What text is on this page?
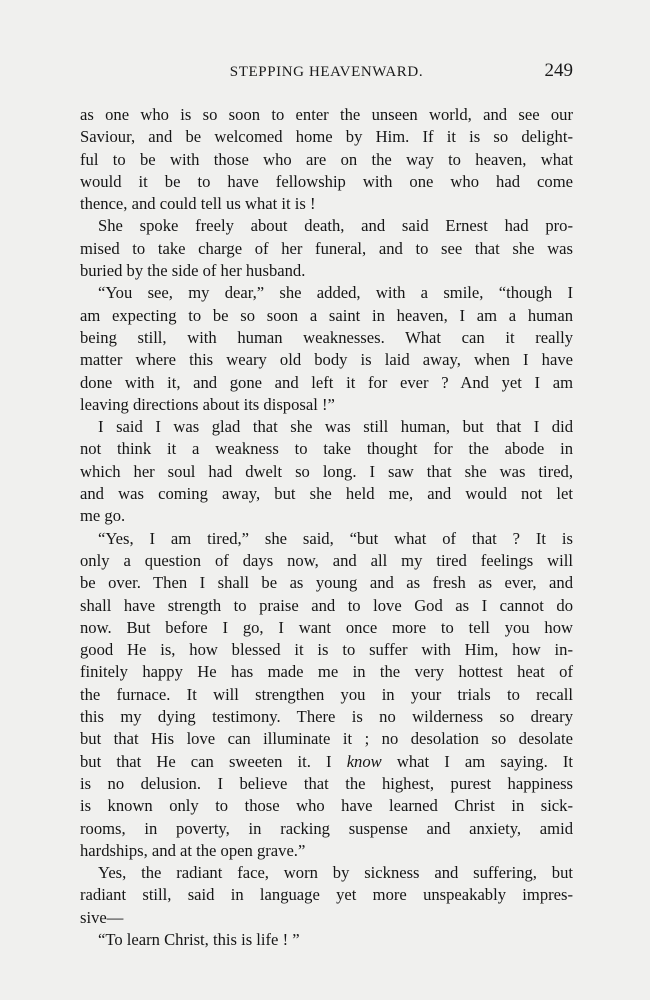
STEPPING HEAVENWARD.	249
as one who is so soon to enter the unseen world, and see our
Saviour, and be welcomed home by Him. If it is so delight-
ful to be with those who are on the way to heaven, what
would it be to have fellowship with one who had come
thence, and could tell us what it is !
She spoke freely about death, and said Ernest had pro-
mised to take charge of her funeral, and to see that she was
buried by the side of her husband.
“You see, my dear,” she added, with a smile, “though I
am expecting to be so soon a saint in heaven, I am a human
being still, with human weaknesses. What can it really
matter where this weary old body is laid away, when I have
done with it, and gone and left it for ever ? And yet I am
leaving directions about its disposal !”
I said I was glad that she was still human, but that I did
not think it a weakness to take thought for the abode in
which her soul had dwelt so long. I saw that she was tired,
and was coming away, but she held me, and would not let
me go.
“Yes, I am tired,” she said, “but what of that ? It is
only a question of days now, and all my tired feelings will
be over. Then I shall be as young and as fresh as ever, and
shall have strength to praise and to love God as I cannot do
now. But before I go, I want once more to tell you how
good He is, how blessed it is to suffer with Him, how in-
finitely happy He has made me in the very hottest heat of
the furnace. It will strengthen you in your trials to recall
this my dying testimony. There is no wilderness so dreary
but that His love can illuminate it ; no desolation so desolate
but that He can sweeten it. I know what I am saying. It
is no delusion. I believe that the highest, purest happiness
is known only to those who have learned Christ in sick-
rooms, in poverty, in racking suspense and anxiety, amid
hardships, and at the open grave.”
Yes, the radiant face, worn by sickness and suffering, but
radiant still, said in language yet more unspeakably impres-
sive—
“To learn Christ, this is life ! ”
